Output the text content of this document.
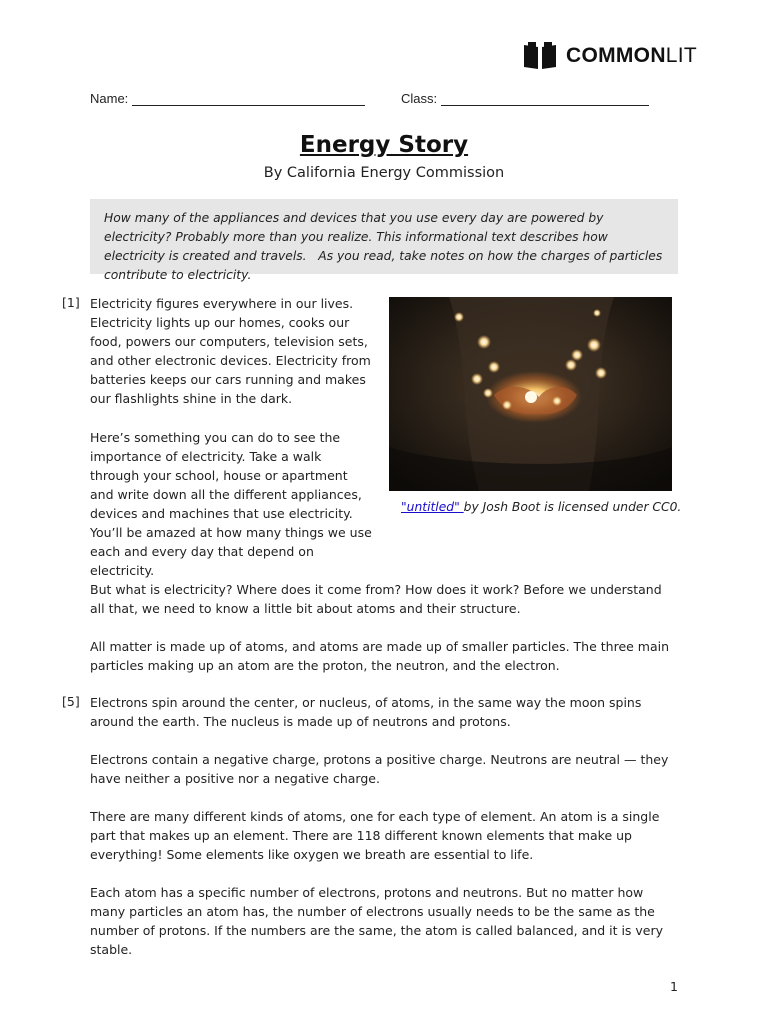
COMMONLIT
Name:	Class:
Energy Story
By California Energy Commission

How many of the appliances and devices that you use every day are powered by electricity? Probably more than you realize. This informational text describes how electricity is created and travels.   As you read, take notes on how the charges of particles contribute to electricity.

[1] Electricity figures everywhere in our lives. Electricity lights up our homes, cooks our food, powers our computers, television sets, and other electronic devices. Electricity from batteries keeps our cars running and makes our flashlights shine in the dark.

Here’s something you can do to see the importance of electricity. Take a walk through your school, house or apartment and write down all the different appliances, devices and machines that use electricity. You’ll be amazed at how many things we use each and every day that depend on electricity.

"untitled" by Josh Boot is licensed under CC0.

But what is electricity? Where does it come from? How does it work? Before we understand all that, we need to know a little bit about atoms and their structure.

All matter is made up of atoms, and atoms are made up of smaller particles. The three main particles making up an atom are the proton, the neutron, and the electron.

[5] Electrons spin around the center, or nucleus, of atoms, in the same way the moon spins around the earth. The nucleus is made up of neutrons and protons.

Electrons contain a negative charge, protons a positive charge. Neutrons are neutral — they have neither a positive nor a negative charge.

There are many different kinds of atoms, one for each type of element. An atom is a single part that makes up an element. There are 118 different known elements that make up everything! Some elements like oxygen we breath are essential to life.

Each atom has a specific number of electrons, protons and neutrons. But no matter how many particles an atom has, the number of electrons usually needs to be the same as the number of protons. If the numbers are the same, the atom is called balanced, and it is very stable.

1
